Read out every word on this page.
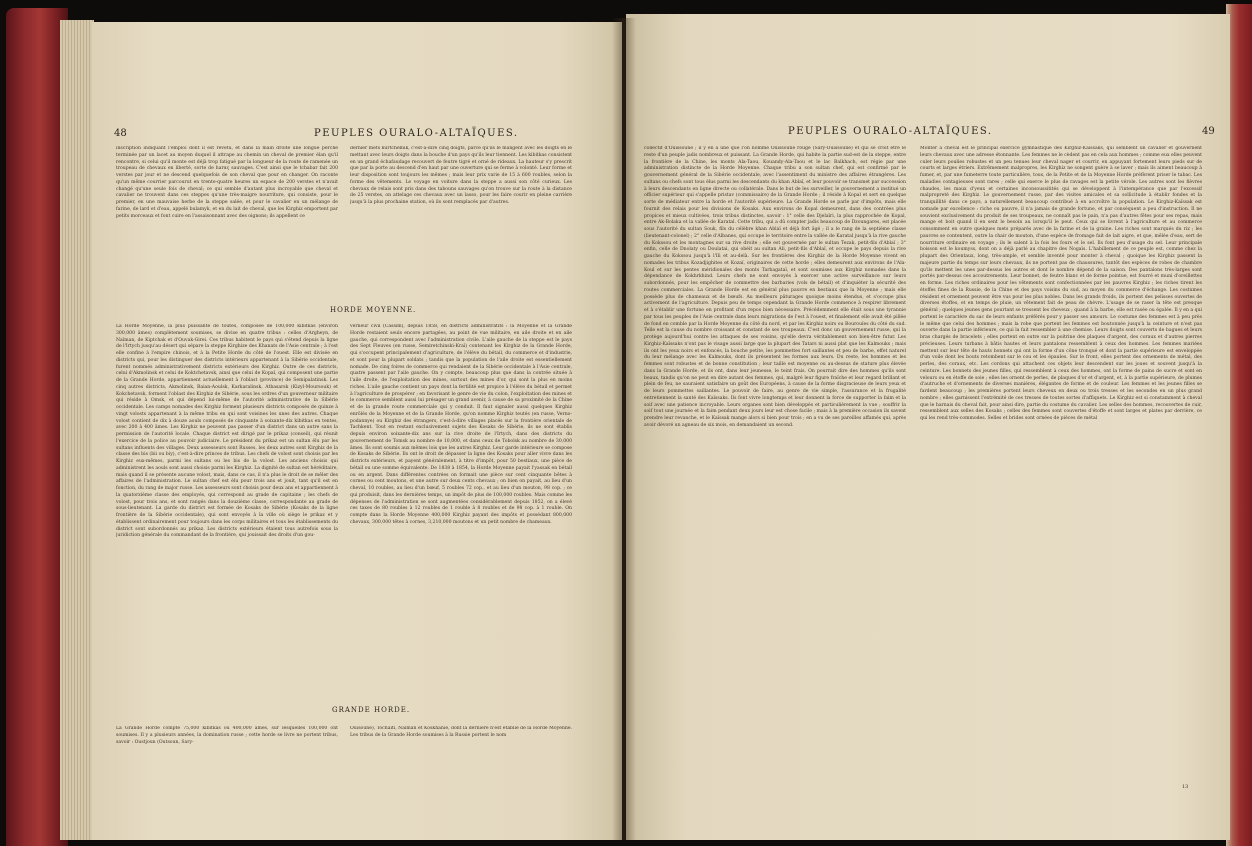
48	PEUPLES OURALO-ALTAÏQUES.
inscription indiquant l'emploi dont il est revêtu, et dans la main droite une longue perche terminée par un lacet au moyen duquel il attrape au chemin un cheval de premier élan qu'il rencontre, si celui qu'il monte est déjà trop fatigué par la longueur de la route de ramenée un troupeau de chevaux en liberté, sorte de harας sauvages. C'est ainsi que le tchabar fait 200 verstes par jour et ne descend quelquefois de son cheval que pour en changer. On raconte qu'un même courrier parcourut en trente-quatre heures un espace de 200 verstes et n'avait changé qu'une seule fois de cheval; ce qui semble d'autant plus incroyable que cheval et cavalier ne trouvent dans ces steppes qu'une très-maigre nourriture, qui consiste, pour le premier, en une mauvaise herbe de la steppe salée, et pour le cavalier en un mélange de farine, de lard et d'eau, appelé bulamyk, et en du lait de cheval, que les Kirghiz emportent par petits morceaux et font cuire en l'assaisonnant avec des oignons; ils appellent ce
dernier mets kurtchemik, c'est-à-dire cinq doigts, parce qu'ils le mangent avec les doigts en le mettant avec leurs doigts dans la bouche d'un pays qu'ils leur tiennent. Les kibitkas consistent en un grand échafaudage recouvert de feutre tigré et orné de rideaux. La hauteur s'y prescrit que par la porte au descend d'en haut par une ouverture qui se ferme à volonté. Leur forme et leur disposition sont toujours les mêmes ; mais leur prix varie de 15 à 600 roubles, selon la forme des vêtements. Le voyage en voiture dans la steppe a aussi son côté curieux. Les chevaux de relais sont pris dans des tabouns sauvages qu'on trouve sur la route à la distance de 25 verstes, on attelage ces chevaux avec un lasso, pour les faire courir en pleine carrière jusqu'à la plus prochaine station, où ils sont remplacés par d'autres.
HORDE MOYENNE.
La Horde Moyenne, la plus puissante de toutes, composée de 100,000 kibitkas (environ 300,000 âmes) complètement soumises, se divise en quatre tribus : celles d'Argheyn, de Naïman, de Kiptchak et d'Ouvak-Girei. Ces tribus habitent le pays qui s'étend depuis la ligne de l'Irtych jusqu'au désert qui sépare la steppe Kirghize des Khanats de l'Asie centrale ; à l'est elle confine à l'empire chinois, et à la Petite Horde du côté de l'ouest. Elle est divisée en districts qui, pour les distinguer des districts intérieurs appartenant à la Sibérie occidentale, furent nommés administrativement districts extérieurs des Kirghiz. Outre de ces districts, celui d'Akmolinsk et celui de Koktchetavsk, ainsi que celui de Kopal, qui composent une partie de la Grande Horde, appartiennent actuellement à l'oblast (province) de Semipalatinsk. Les cinq autres districts, Akmolinsk, Baian-Aoulsk, Karkaralinsk, Atbasarsk (Kizyl-Moursouk) et Kokchetavsk, forment l'oblast des Kirghiz de Sibérie, sous les ordres d'un gouverneur militaire qui réside à Omsk, et qui dépend lui-même de l'autorité administrative de la Sibérie occidentale. Les camps nomades des Kirghiz forment plusieurs districts composés de quinze à vingt volosts appartenant à la même tribu en qui sont voisines les unes des autres. Chaque volost contient de dix à douze aouls composés de cinquante à soixante-dix kibitkas en tentes, avec 200 à 400 âmes. Les Kirghiz ne peuvent pas passer d'un district dans un autre sans la permission de l'autorité locale. Chaque district est dirigé par le prikaz (conseil), qui réunit l'exercice de la police au pouvoir judiciaire. Le président du prikaz est un sultan élu par les sultans influents des villages. Deux assesseurs sont Russes, les deux autres sont Kirghiz de la classe des bis (bii ou biy), c'est-à-dire princes de tribus. Les chefs de volost sont choisis par les Kirghiz eux-mêmes, parmi les sultans ou les bis de la volost. Les anciens choisis qui administrent les aouls sont aussi choisis parmi les Kirghiz. La dignité de sultan est héréditaire, mais quand il se présente aucune volost, mais, dans ce cas, il n'a plus le droit de se mêler des affaires de l'administration. Le sultan chef est élu pour trois ans et jouit, tant qu'il est en fonction, du rang de major russe. Les assesseurs sont choisis pour deux ans et appartiennent à la quatorzième classe des employés, qui correspond au grade de capitaine ; les chefs de volost, pour trois ans, et sont rangés dans la douzième classe, correspondante au grade de sous-lieutenant. La garde du district est formée de Kosaks de Sibérie (Kosaks de la ligne frontière de la Sibérie occidentale), qui sont envoyés à la ville où siège le prikaz et y établissent ordinairement pour toujours dans les corps militaires et tous les établissements du district sont subordonnés au prikaz. Les districts extérieurs étaient tous autrefois sous la juridiction générale du commandant de la frontière, qui jouissait des droits d'un gou-
verneur civil (Cassim), depuis 1858, en districts administratifs : la Moyenne et la Grande Horde restaient seuls encore partagées, au point de vue militaire, en aile droite et en aile gauche, qui correspondent avec l'administration civile. L'aile gauche de la steppe est le pays des Sept Fleuves (en russe, Semiretchinski-Kraï) contenant les Kirghiz de la Grande Horde, qui s'occupent principalement d'agriculture, de l'élève du bétail, du commerce et d'industrie, et sont pour la plupart soldats ; tandis que la population de l'aile droite est essentiellement nomade. De cinq foires de commerce qui rendaient de la Sibérie occidentale à l'Asie centrale, quatre passent par l'aile gauche. On y compte, beaucoup plus que dans la contrée située à l'aile droite, de l'exploitation des mines, surtout des mines d'or, qui sont la plus en moins riches. L'aile gauche contient un pays dont la fertilité est propice à l'élève du bétail et permet à l'agriculture de prospérer ; en favorisant le genre de vie du colon, l'exploitation des mines et le commerce semblent aussi lui présager un grand avenir, à cause de sa proximité de la Chine et de la grande route commerciale qui y conduit. Il faut signaler aussi quelques Kirghiz enrôlés de la Moyenne et de la Grande Horde, qu'on nomme Kirghiz teutés (en russe, Verno-podannye) ou Kirghiz des étrangers, c'est-à-dire villages placés sur la frontière orientale de Tachkent. Tout en restant exclusivement sujets des Kosaks de Sibérie, ils ne sont établis depuis environ soixante-dix ans sur la rive droite de l'Irtych, dans des districts du gouvernement de Tomsk au nombre de 10,000, et dans ceux de Tobolsk au nombre de 30,000 âmes. Ils sont soumis aux mêmes lois que les autres Kirghiz. Leur garde intérieure se compose de Kosaks de Sibérie. Ils ont le droit de dépasser la ligne des Kosaks pour aller vivre dans les districts extérieurs, et payent généralement, à titre d'impôt, pour 50 bestiaux, une pièce de bétail ou une somme équivalente. De 1838 à 1854, la Horde Moyenne payait l'yassak en bétail ou en argent. Dans différentes contrées on formait une pièce sur cent cinquante bêtes à cornes ou cent moutons, et une autre sur deux cents chevaux ; on bien on payait, au lieu d'un cheval, 10 roubles, au lieu d'un bœuf, 5 roubles 72 cop., et au lieu d'un mouton, 98 cop. ; ce qui produisit, dans les dernières temps, un impôt de plus de 100,000 roubles. Mais comme les dépenses de l'administration se sont augmentées considérablement depuis 1852, on a élevé ces taxes de 80 roubles à 12 roubles de 1 rouble à 8 roubles et de 98 cop. à 1 rouble. On compte dans la Horde Moyenne 400,000 Kirghiz payant des impôts et possédant 800,000 chevaux, 300,000 têtes à cornes, 3,210,000 moutons et un petit nombre de chameaux.
GRANDE HORDE.
La Grande Horde compte 75,000 kibitkas ou 400,000 âmes, sur lesquelles 100,000 ont soumises. Il y a plusieurs années, la domination russe ; cette horde se livre ne portent tribus, savoir : Oustjoun (Outsoun, Sary-
Ouïsoune), Tochàiti, Naïman et Koskhanie, dont la dernière n'est établie de la Horde Moyenne. Les tribus de la Grande Horde soumises à la Russie portent le nom
PEUPLES OURALO-ALTAÏQUES.	49
collectif d'Ouissoune ; il y en a une que l'on nomme Ouissoune rouge (Sary-Ouissoune) et qui se croit être le reste d'un peuple jadis nombreux et puissant. La Grande Horde, qui habite la partie sud-est de la steppe, entre la frontière de la Chine, les monts Ala-Taou, Kouandy-Ala-Taou et le lac Balkhach, est régie par une administration distincte de la Horde Moyenne. Chaque tribu a son sultan chef, qui est confirmé par le gouvernement général de la Sibérie occidentale, avec l'assentiment du ministre des affaires étrangères. Les sultans ou chefs sont tous élus parmi les descendants du khan Ablaï, et leur pouvoir se transmet par succession à leurs descendants en ligne directe ou collatérale. Dans le but de les surveiller, le gouvernement a institué un officier supérieur qui s'appelle pristav (commissaire) de la Grande Horde ; il réside à Kopal et sert en quelque sorte de médiateur entre la horde et l'autorité supérieure. La Grande Horde se parle par d'impôts, mais elle fournit des relais pour les divisions de Kosaks. Aux environs de Kopal demeurent, dans des contrées plus propices et mieux cultivées, trois tribus distinctes, savoir : 1° celle des Djelaïri, la plus rapprochée de Kopal, entre Ak-Bolaka et la vallée de Karatal. Cette tribu, qui a dû compter jadis beaucoup de Dzoungares, est placée sous l'autorité du sultan Souk, fils du célèbre khan Ablaï et déjà fort âgé ; il a le rang de la septième classe (lieutenant-colonel) ; 2° celle d'Albanes, qui occupe le territoire entre la vallée de Karatal jusqu'à la rive gauche du Kokssou et les montagnes sur sa rive droite ; elle est gouvernée par le sultan Tezak, petit-fils d'Ablaï ; 3° enfin, celle de Dnolaty ou Doulatai, qui obéit au sultan Ali, petit-fils d'Ablaï, et occupe le pays depuis la rive gauche du Kokssou jusqu'à l'Ili et au-delà. Sur les frontières des Kirghiz de la Horde Moyenne vivent en nomades les tribus Kozadjighites et Kozaï, originaires de cette horde ; elles demeurent aux environs de l'Ala-Koul et sur les pentes méridionales des monts Tarbagataï, et sont soumises aux Kirghiz nomades dans la dépendance de Kokhrkhind. Leurs chefs ne sont envoyés à exercer une active surveillance sur leurs subordonnés, pour les empêcher de commettre des barbaries (vols de bétail) et d'inquiéter la sécurité des routes commerciales. La Grande Horde est en général plus pauvre en bestiaux que la Moyenne ; mais elle possède plus de chameaux et de bœufs. Au meilleurs pâturages quoique moins étendus, et s'occupe plus activement de l'agriculture. Depuis peu de temps cependant la Grande Horde commence à respirer librement et à s'établir une fortune en profitant d'un repos bien nécessaire. Précédemment elle était sous une tyrannie par tous les peuples de l'Asie centrale dans leurs migrations de l'est à l'ouest, et finalement elle avait été pillée de fond en comble par la Horde Moyenne du côté du nord, et par les Kirghiz noirs ou Bourouïes du côté du sud. Telle est la cause du nombre croissant et constant de ses troupeaux. C'est donc un gouvernement russe, qui la protège aujourd'hui contre les attaques de ses voisins, qu'elle devra véritablement son bien-être futur. Les Kirghiz-Kaïssaks n'ont pas le visage aussi large que la plupart des Tatars ni aussi plat que les Kalmouks ; mais ils ont les yeux noirs et enfoncés, la bouche petite, les pommettes fort saillantes et peu de barbe, effet naturel du leur mélange avec les Kalmouks, dont ils présentent les formes aux leurs. Du reste, les hommes et les femmes sont robustes et de bonne constitution ; leur taille est moyenne ou au-dessus de stature plus élevée dans la Grande Horde, et ils ont, dans leur jeunesse, le teint frais. On pourrait dire des hommes qu'ils sont beaux, tandis qu'on ne peut en dire autant des femmes, qui, malgré leur figure fraîche et leur regard brillant et plein de feu, ne sauraient satisfaire un goût des Européens, à cause de la forme disgracieuse de leurs yeux et de leurs pommettes saillantes. Le pouvoir de faire, au genre de vie simple, l'assurance et la frugalité entretiennent la santé des Kaïssaks. Ils font vivre longtemps et leur donnent la force de supporter la faim et la soif avec une patience incroyable. Leurs organes sont bien développés et particulièrement la vue ; souffrir la soif tout une journée et la faim pendant deux jours leur est chose facile ; mais à la première occasion ils savent prendre leur revanche, et le Kaïssak mange alors si bien pour trois ; en a vu de ses pareilles affamés qui, après avoir dévoré un agneau de six mois, en demandaient un second.
Monter à cheval est le principal exercice gymnastique des Kirghiz-Kaïssaks, qui semblent un cavalier et gouvernent leurs chevaux avec une adresse étonnante. Les femmes ne le cèdent pas en cela aux hommes ; comme eux elles peuvent culer leurs poulies robustes et un peu tenues leur cheval nager et courrir, en appuyant fortement leurs pieds sur de courts et larges étriers. Extrêmement malpropres, les Kirghiz ne songent guère à se laver ; mais ils aiment beaucoup à fumer, et, par une fumeterre toute particulière, tous, de la Petite et de la Moyenne Horde préfèrent priser le tabac. Les maladies contagieuses sont rares ; celle qui exerce le plus de ravages est la petite vérole. Les autres sont les fièvres chaudes, les maux d'yeux et certaines inconsoussitités qui se développent à l'intempérance que par l'excessif malpropreté des Kirghiz. Le gouvernement russe, par des visites amicales et sa sollicitude à établir fondes et la tranquillité dans ce pays, a naturellement beaucoup contribué à en accroître la population. Le Kirghiz-Kaïssak est nomade par excellence : riche ou pauvre, il n'a jamais de grande fortune, et par conséquent a peu d'instruction. Il ne souvient exclusivement du produit de ses troupeaux, ne connaît pas le pain, n'a pas d'autres fêtes pour ses repas, mais mange et boit quand il en sent le besoin au lorsqu'il le peut. Ceux qui se livrent à l'agriculture et au commerce consomment en outre quelques mets préparés avec de la farine et de la graine. Les riches sont marqués du riz ; les pauvres se contentent, outre la chair de mouton, d'une espèce de fromage fait de lait aigre, et que, mêlée d'eau, sert de nourriture ordinaire en voyage ; ils le salent à la fois les fours et le sel. Ils font peu d'usage du sel. Leur principale boisson est le koumyss, dont on a déjà parlé au chapitre des Nogaïs. L'habillement de ce peuple est, comme chez la plupart des Orientaux, long, très-ample, et semble inventé pour monter à cheval ; quoique les Kirghiz passent la majeure partie du temps sur leurs chevaux, ils ne portent pas de chaussures, tantôt des espèces de robes de chambre qu'ils mettent les unes par-dessus les autres et dont le nombre dépend de la saison. Des pantalons très-larges sont portés par-dessus ces accoutrements. Leur bonnet, de feutre blanc et de forme pointue, est fourré et muni d'oreillettes en forme. Les riches ordinaires pour les vêtements sont confectionnées par les pauvres Kirghiz ; les riches tirent les étoffes fines de la Russie, de la Chine et des pays voisins du sud, au moyen du commerce d'échange. Les costumes résident et ornement peuvent être vus pour les plus nobles. Dans les grands froids, ils portent des pelisses ouvertes de diverses étoffes, et en temps de pluie, un vêtement fait de peau de chèvre. L'usage de se raser la tête est presque général ; quelques jeunes gens pourtant se tressent les cheveux ; quand à la barbe, elle est rasée ou égalée. Il y en a qui portent le caractère du sac de leurs enfants préférés pour y passer ses amours. Le costume des femmes est à peu près le même que celui des hommes ; mais la robe que portent les femmes est boutonnée jusqu'à la ceinture et n'est pas ouverte dans la partie inférieure, ce qui la fait ressembler à une chemise. Leurs doigts sont couverts de bagues et leurs bras chargés de bracelets ; elles portent en outre sur la poitrine des plaques d'argent, des coraux et d'autres pierres précieuses. Leurs turbans à bâtis hautes et leurs pantalons ressemblent à ceux des hommes. Les femmes mariées mettent sur leur tête de hauts bonnets qui ont la forme d'un cône tronqué et dont la partie supérieure est enveloppée d'un voile dont les bouts retombent sur le cou et les épaules. Sur le front, elles portent des ornements de métal, des perles, des coraux, etc. Les cordons qui attachent ces objets leur descendent sur les joues et souvent jusqu'à la ceinture. Les bonnets des jeunes filles, qui ressemblent à ceux des hommes, ont la forme de pains de sucre et sont en velours ou en étoffe de soie ; elles les ornent de perles, de plaques d'or et d'argent, et, à la partie supérieure, de plumes d'autruche et d'ornements de diverses manières, élégantes de forme et de couleur. Les femmes et les jeunes filles se fardent beaucoup ; les premières portent leurs cheveux en deux ou trois tresses et les secondes en un plus grand nombre ; elles garnissent l'extrémité de ces tresses de toutes sortes d'affiquets. Le Kirghiz est si constamment à cheval que le harnais du cheval fait, pour ainsi dire, partie du costume du cavalier. Les selles des hommes, recouvertes de cuir, ressemblent aux selles des Kosaks ; celles des femmes sont couvertes d'étoffe et sont larges et plates par derrière, ce qui les rend très-commodes. Selles et brides sont ornées de pièces de métal
13
